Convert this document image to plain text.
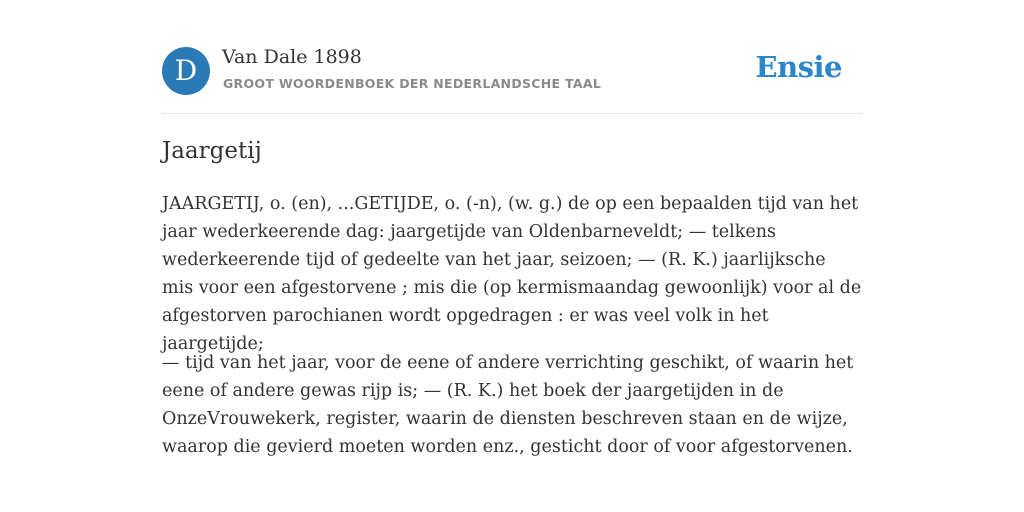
D	Van Dale 1898
GROOT WOORDENBOEK DER NEDERLANDSCHE TAAL	Ensie
Jaargetij

JAARGETIJ, o. (en), ...GETIJDE, o. (-n), (w. g.) de op een bepaalden tijd van het jaar wederkeerende dag: jaargetijde van Oldenbarneveldt; — telkens wederkeerende tijd of gedeelte van het jaar, seizoen; — (R. K.) jaarlijksche mis voor een afgestorvene ; mis die (op kermismaandag gewoonlijk) voor al de afgestorven parochianen wordt opgedragen : er was veel volk in het jaargetijde;

— tijd van het jaar, voor de eene of andere verrichting geschikt, of waarin het eene of andere gewas rijp is; — (R. K.) het boek der jaargetijden in de OnzeVrouwekerk, register, waarin de diensten beschreven staan en de wijze, waarop die gevierd moeten worden enz., gesticht door of voor afgestorvenen.
